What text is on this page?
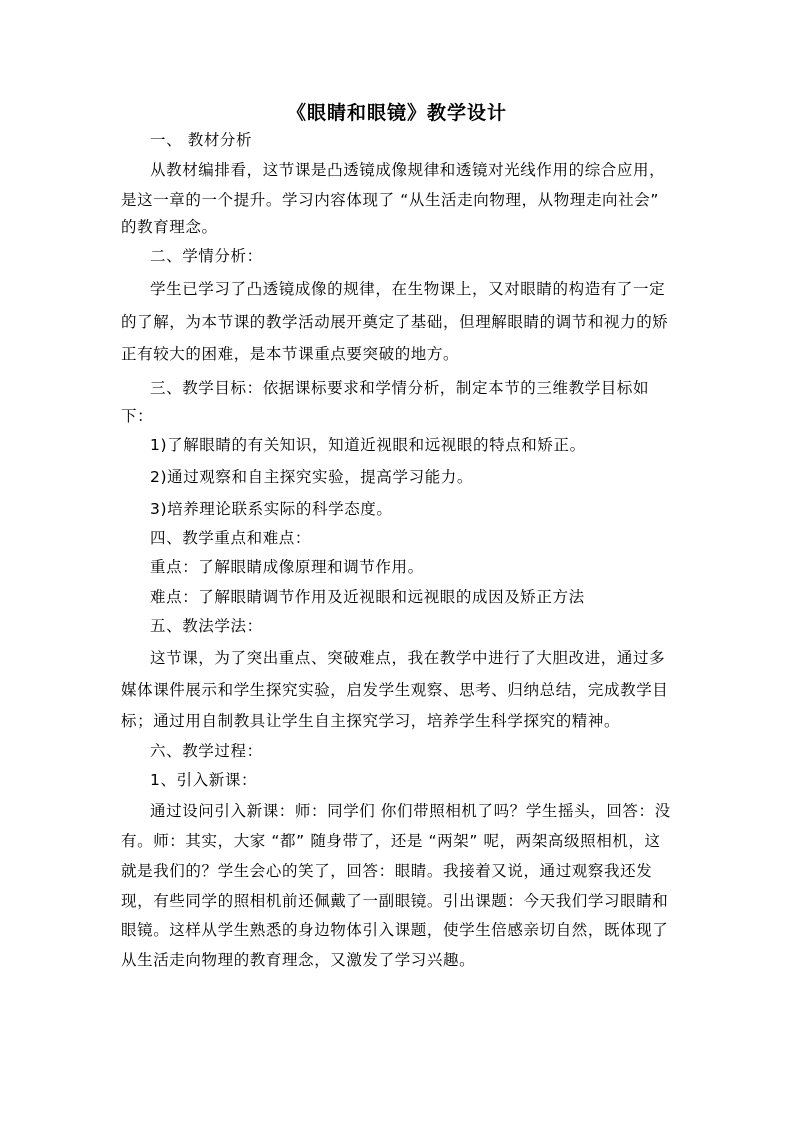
《眼睛和眼镜》教学设计
一、 教材分析
从教材编排看，这节课是凸透镜成像规律和透镜对光线作用的综合应用，
是这一章的一个提升。学习内容体现了 “从生活走向物理，从物理走向社会”
的教育理念。
二、学情分析：
学生已学习了凸透镜成像的规律，在生物课上，又对眼睛的构造有了一定
的了解，为本节课的教学活动展开奠定了基础，但理解眼睛的调节和视力的矫
正有较大的困难，是本节课重点要突破的地方。
三、教学目标：依据课标要求和学情分析，制定本节的三维教学目标如
下：
1)了解眼睛的有关知识，知道近视眼和远视眼的特点和矫正。
2)通过观察和自主探究实验，提高学习能力。
3)培养理论联系实际的科学态度。
四、教学重点和难点：
重点：了解眼睛成像原理和调节作用。
难点：了解眼睛调节作用及近视眼和远视眼的成因及矫正方法
五、教法学法：
这节课，为了突出重点、突破难点，我在教学中进行了大胆改进，通过多
媒体课件展示和学生探究实验，启发学生观察、思考、归纳总结，完成教学目
标；通过用自制教具让学生自主探究学习，培养学生科学探究的精神。
六、教学过程：
1、引入新课：
通过设问引入新课：师：同学们 你们带照相机了吗？学生摇头，回答：没
有。师：其实，大家 “都” 随身带了，还是 “两架” 呢，两架高级照相机，这
就是我们的？学生会心的笑了，回答：眼睛。我接着又说，通过观察我还发
现，有些同学的照相机前还佩戴了一副眼镜。引出课题：今天我们学习眼睛和
眼镜。这样从学生熟悉的身边物体引入课题，使学生倍感亲切自然，既体现了
从生活走向物理的教育理念，又激发了学习兴趣。
